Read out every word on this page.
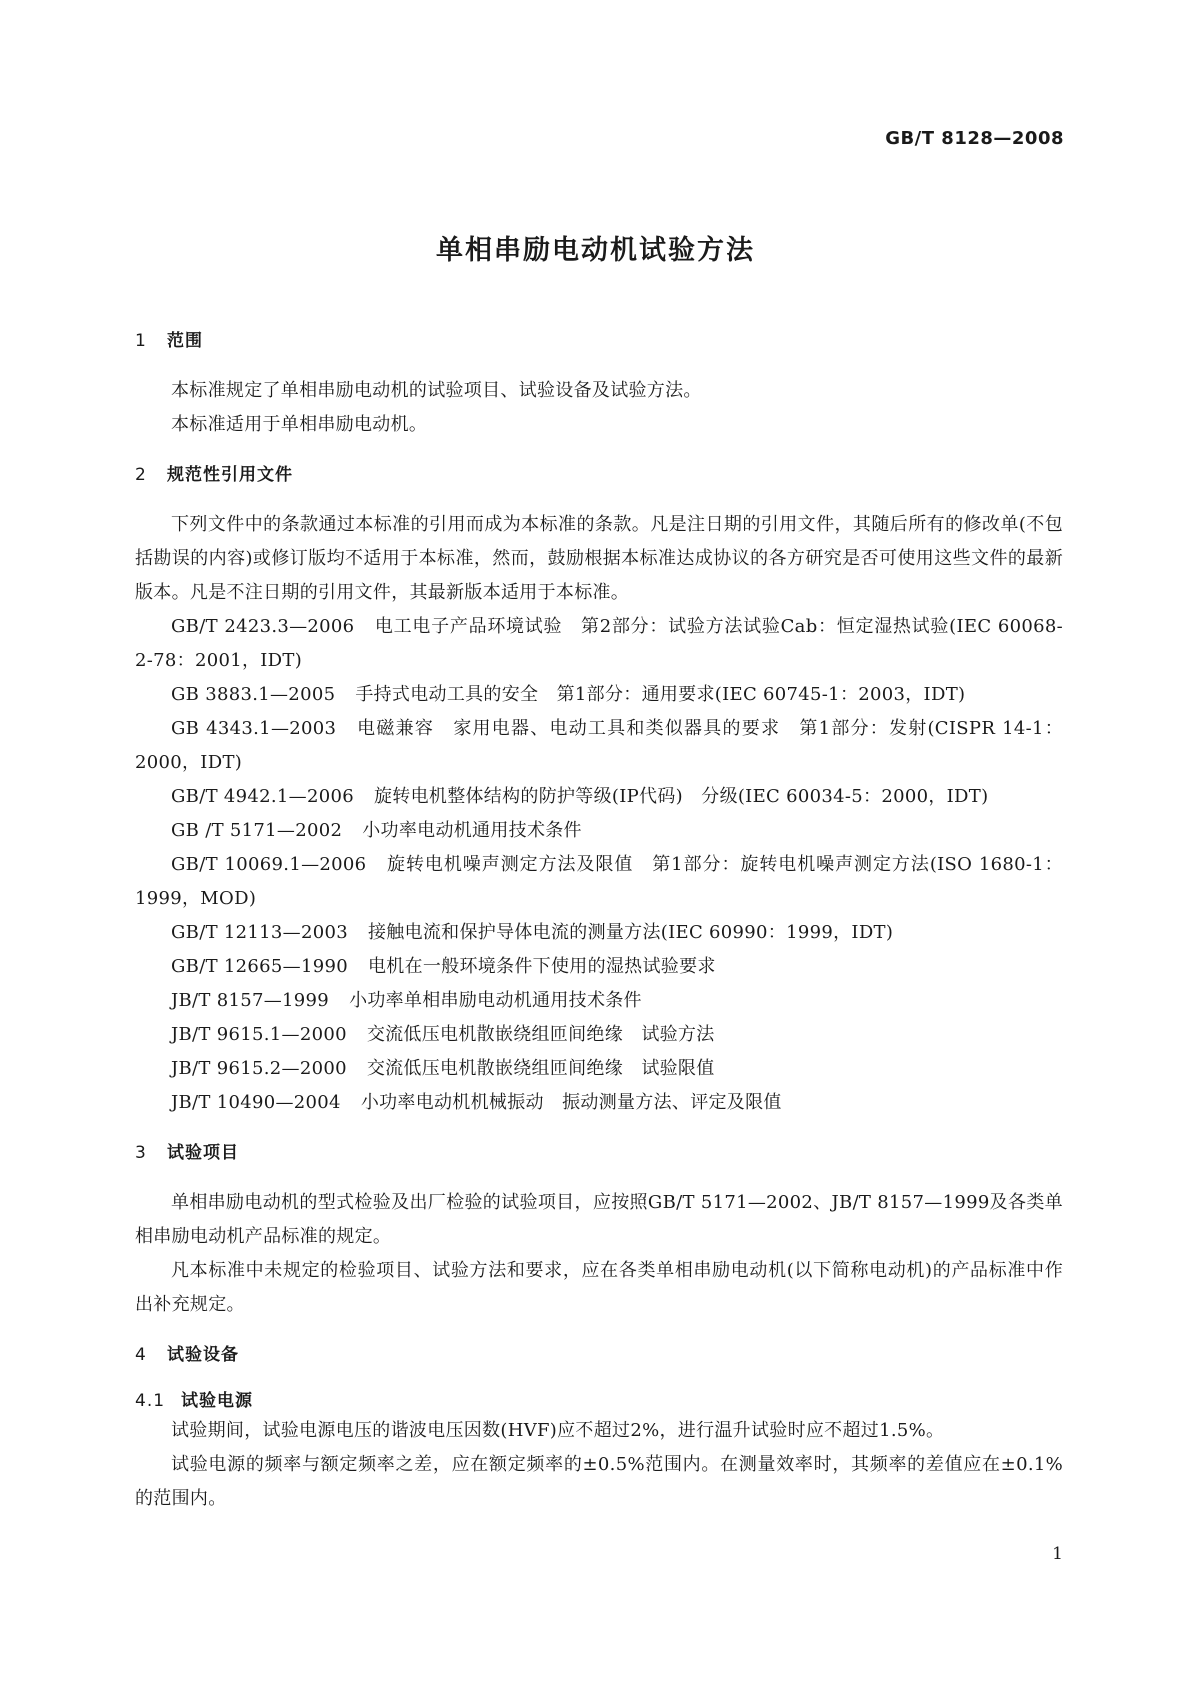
GB/T 8128—2008
单相串励电动机试验方法
1 范围

本标准规定了单相串励电动机的试验项目、试验设备及试验方法。

本标准适用于单相串励电动机。

2 规范性引用文件

下列文件中的条款通过本标准的引用而成为本标准的条款。凡是注日期的引用文件，其随后所有的修改单(不包括勘误的内容)或修订版均不适用于本标准，然而，鼓励根据本标准达成协议的各方研究是否可使用这些文件的最新版本。凡是不注日期的引用文件，其最新版本适用于本标准。

GB/T 2423.3—2006 电工电子产品环境试验　第2部分：试验方法试验Cab：恒定湿热试验(IEC 60068-2-78：2001，IDT)
GB 3883.1—2005 手持式电动工具的安全　第1部分：通用要求(IEC 60745-1：2003，IDT)
GB 4343.1—2003 电磁兼容　家用电器、电动工具和类似器具的要求　第1部分：发射(CISPR 14-1：2000，IDT)
GB/T 4942.1—2006 旋转电机整体结构的防护等级(IP代码)　分级(IEC 60034-5：2000，IDT)
GB /T 5171—2002 小功率电动机通用技术条件
GB/T 10069.1—2006 旋转电机噪声测定方法及限值　第1部分：旋转电机噪声测定方法(ISO 1680-1：1999，MOD)
GB/T 12113—2003 接触电流和保护导体电流的测量方法(IEC 60990：1999，IDT)
GB/T 12665—1990 电机在一般环境条件下使用的湿热试验要求
JB/T 8157—1999 小功率单相串励电动机通用技术条件
JB/T 9615.1—2000 交流低压电机散嵌绕组匝间绝缘　试验方法
JB/T 9615.2—2000 交流低压电机散嵌绕组匝间绝缘　试验限值
JB/T 10490—2004 小功率电动机机械振动　振动测量方法、评定及限值
3 试验项目

单相串励电动机的型式检验及出厂检验的试验项目，应按照GB/T 5171—2002、JB/T 8157—1999及各类单相串励电动机产品标准的规定。

凡本标准中未规定的检验项目、试验方法和要求，应在各类单相串励电动机(以下简称电动机)的产品标准中作出补充规定。

4 试验设备
4.1 试验电源

试验期间，试验电源电压的谐波电压因数(HVF)应不超过2%，进行温升试验时应不超过1.5%。

试验电源的频率与额定频率之差，应在额定频率的±0.5%范围内。在测量效率时，其频率的差值应在±0.1%的范围内。

1
